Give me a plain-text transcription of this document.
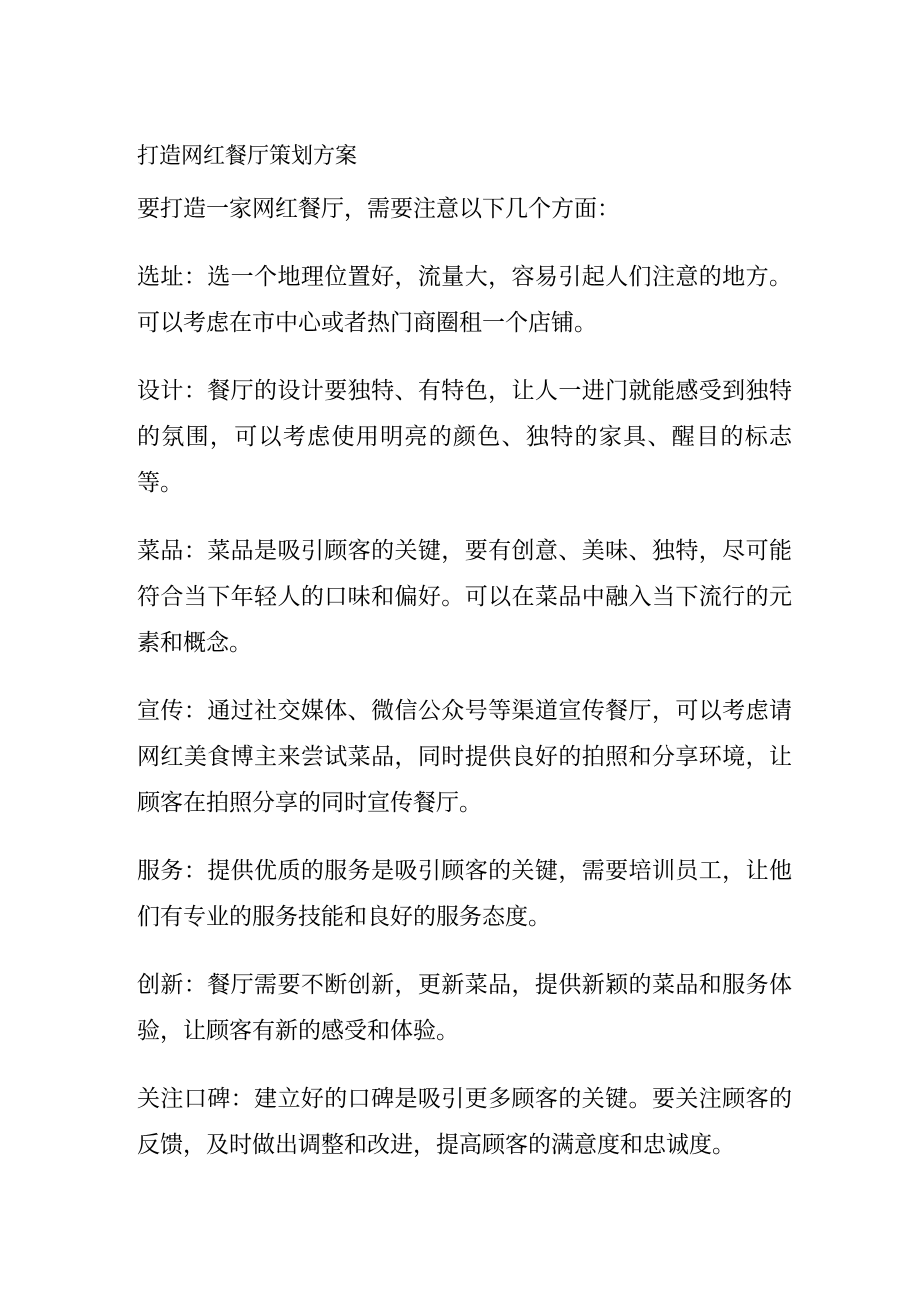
打造网红餐厅策划方案

要打造一家网红餐厅，需要注意以下几个方面：

选址：选一个地理位置好，流量大，容易引起人们注意的地方。可以考虑在市中心或者热门商圈租一个店铺。

设计：餐厅的设计要独特、有特色，让人一进门就能感受到独特的氛围，可以考虑使用明亮的颜色、独特的家具、醒目的标志等。

菜品：菜品是吸引顾客的关键，要有创意、美味、独特，尽可能符合当下年轻人的口味和偏好。可以在菜品中融入当下流行的元素和概念。

宣传：通过社交媒体、微信公众号等渠道宣传餐厅，可以考虑请网红美食博主来尝试菜品，同时提供良好的拍照和分享环境，让顾客在拍照分享的同时宣传餐厅。

服务：提供优质的服务是吸引顾客的关键，需要培训员工，让他们有专业的服务技能和良好的服务态度。

创新：餐厅需要不断创新，更新菜品，提供新颖的菜品和服务体验，让顾客有新的感受和体验。

关注口碑：建立好的口碑是吸引更多顾客的关键。要关注顾客的反馈，及时做出调整和改进，提高顾客的满意度和忠诚度。
